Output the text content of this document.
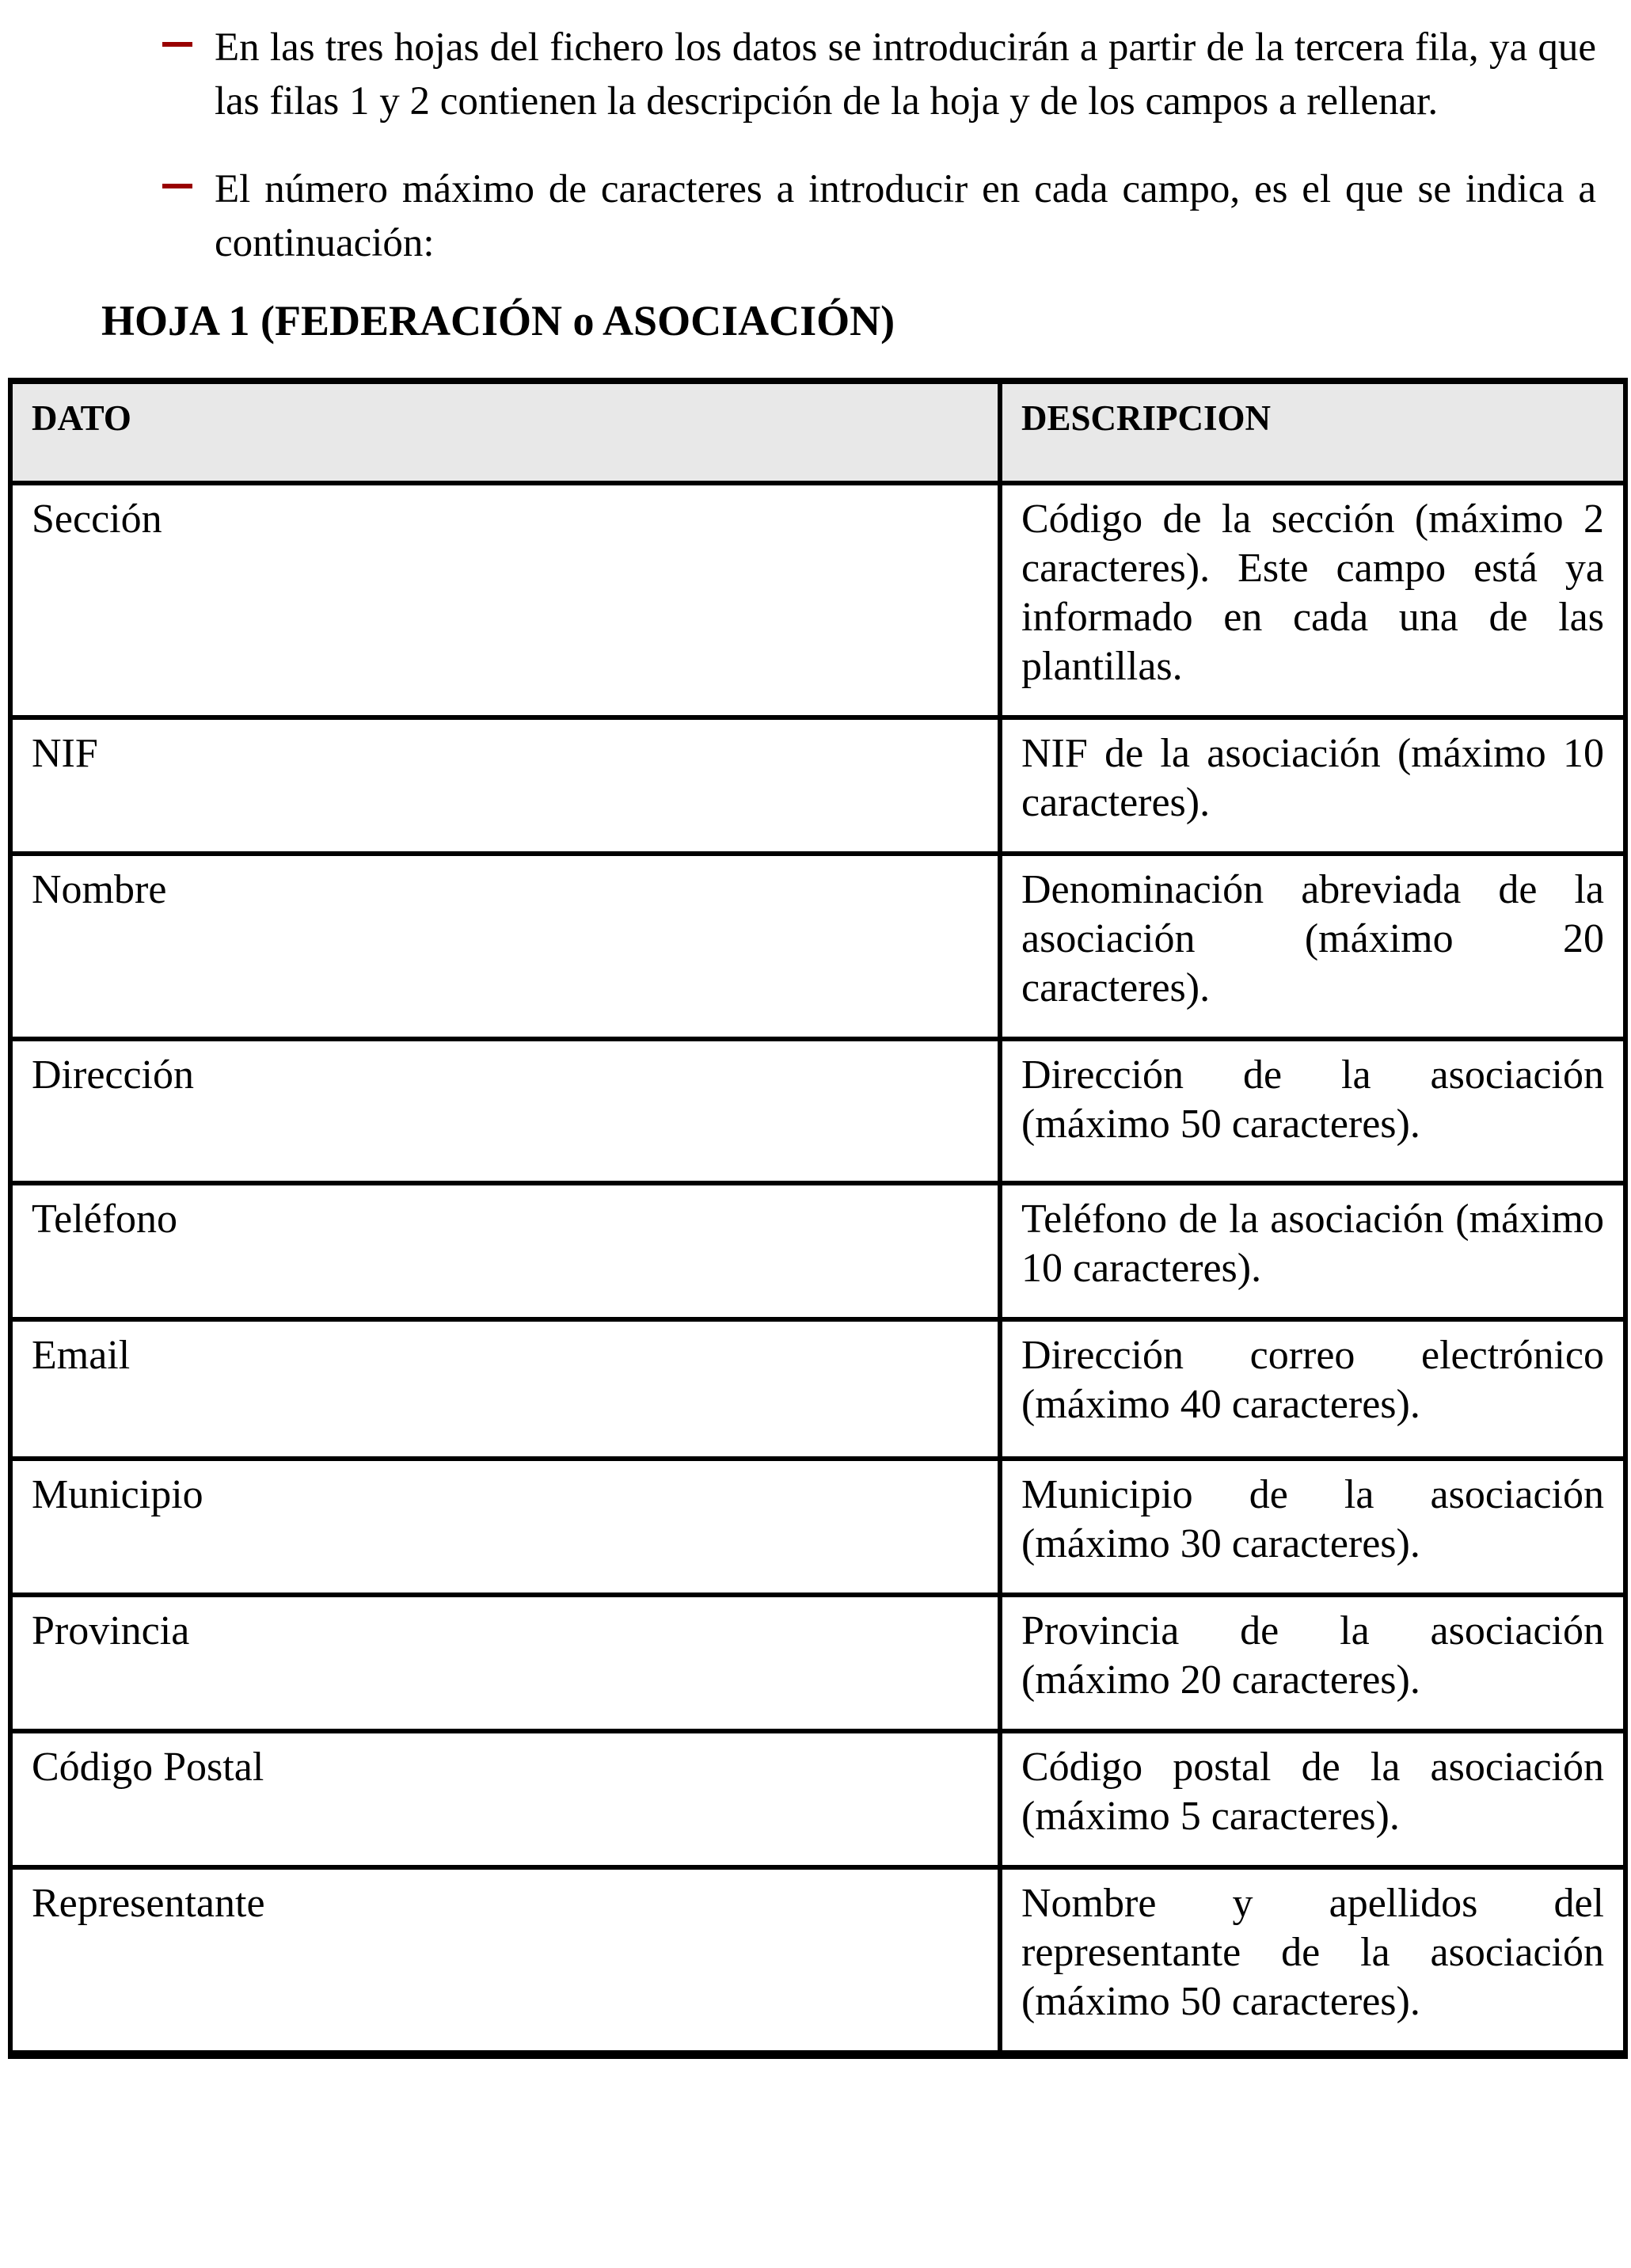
En las tres hojas del fichero los datos se introducirán a partir de la tercera fila, ya que las filas 1 y 2 contienen la descripción de la hoja y de los campos a rellenar.
El número máximo de caracteres a introducir en cada campo, es el que se indica a continuación:
HOJA 1 (FEDERACIÓN o ASOCIACIÓN)
DATO	DESCRIPCION
Sección	Código de la sección (máximo 2 caracteres). Este campo está ya informado en cada una de las plantillas.
NIF	NIF de la asociación (máximo 10 caracteres).
Nombre	Denominación abreviada de la asociación (máximo 20 caracteres).
Dirección	Dirección de la asociación (máximo 50 caracteres).
Teléfono	Teléfono de la asociación (máximo 10 caracteres).
Email	Dirección correo electrónico (máximo 40 caracteres).
Municipio	Municipio de la asociación (máximo 30 caracteres).
Provincia	Provincia de la asociación (máximo 20 caracteres).
Código Postal	Código postal de la asociación (máximo 5 caracteres).
Representante	Nombre y apellidos del representante de la asociación (máximo 50 caracteres).
